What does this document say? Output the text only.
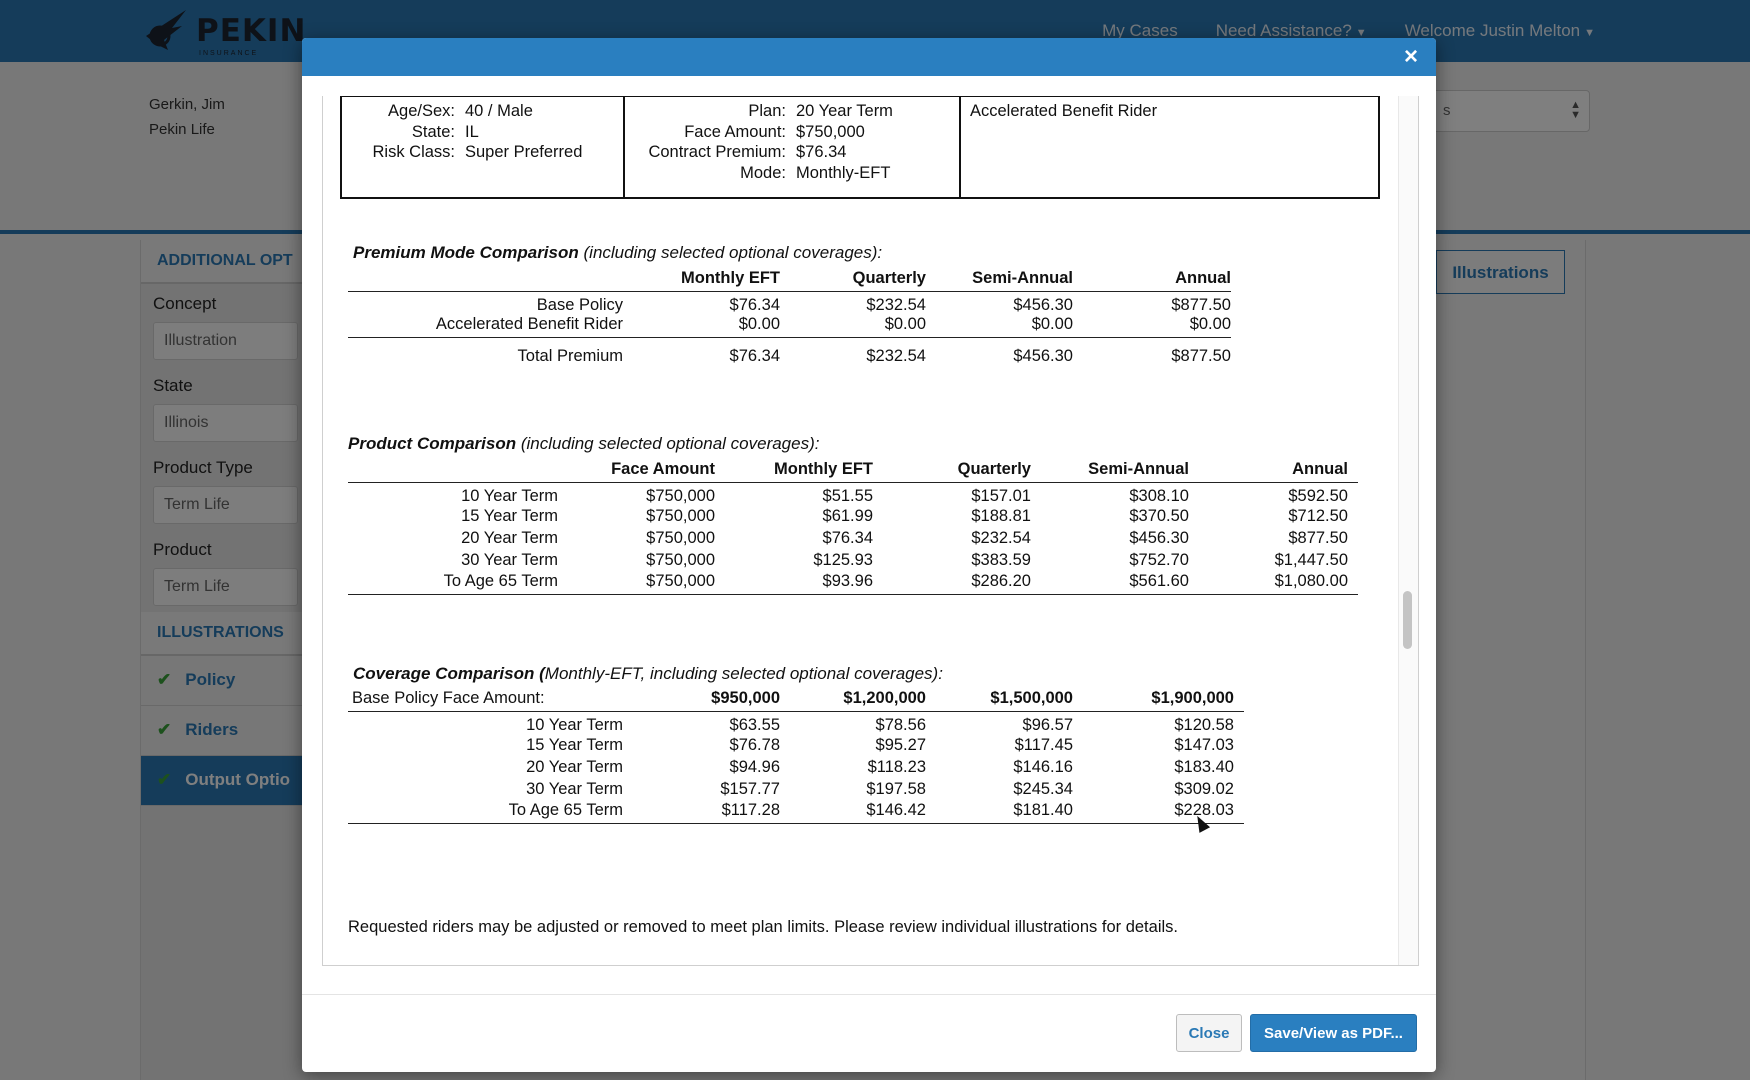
×
Age/Sex: 40 / Male
State: IL
Risk Class: Super Preferred
Plan: 20 Year Term
Face Amount: $750,000
Contract Premium: $76.34
Mode: Monthly-EFT
Accelerated Benefit Rider
Premium Mode Comparison (including selected optional coverages):
	Monthly EFT	Quarterly	Semi-Annual	Annual
Base Policy	$76.34	$232.54	$456.30	$877.50
Accelerated Benefit Rider	$0.00	$0.00	$0.00	$0.00
Total Premium	$76.34	$232.54	$456.30	$877.50
Product Comparison (including selected optional coverages):
	Face Amount	Monthly EFT	Quarterly	Semi-Annual	Annual
10 Year Term	$750,000	$51.55	$157.01	$308.10	$592.50
15 Year Term	$750,000	$61.99	$188.81	$370.50	$712.50
20 Year Term	$750,000	$76.34	$232.54	$456.30	$877.50
30 Year Term	$750,000	$125.93	$383.59	$752.70	$1,447.50
To Age 65 Term	$750,000	$93.96	$286.20	$561.60	$1,080.00
Coverage Comparison (Monthly-EFT, including selected optional coverages):
Base Policy Face Amount:	$950,000	$1,200,000	$1,500,000	$1,900,000
10 Year Term	$63.55	$78.56	$96.57	$120.58
15 Year Term	$76.78	$95.27	$117.45	$147.03
20 Year Term	$94.96	$118.23	$146.16	$183.40
30 Year Term	$157.77	$197.58	$245.34	$309.02
To Age 65 Term	$117.28	$146.42	$181.40	$228.03
Requested riders may be adjusted or removed to meet plan limits. Please review individual illustrations for details.
Close	Save/View as PDF...
